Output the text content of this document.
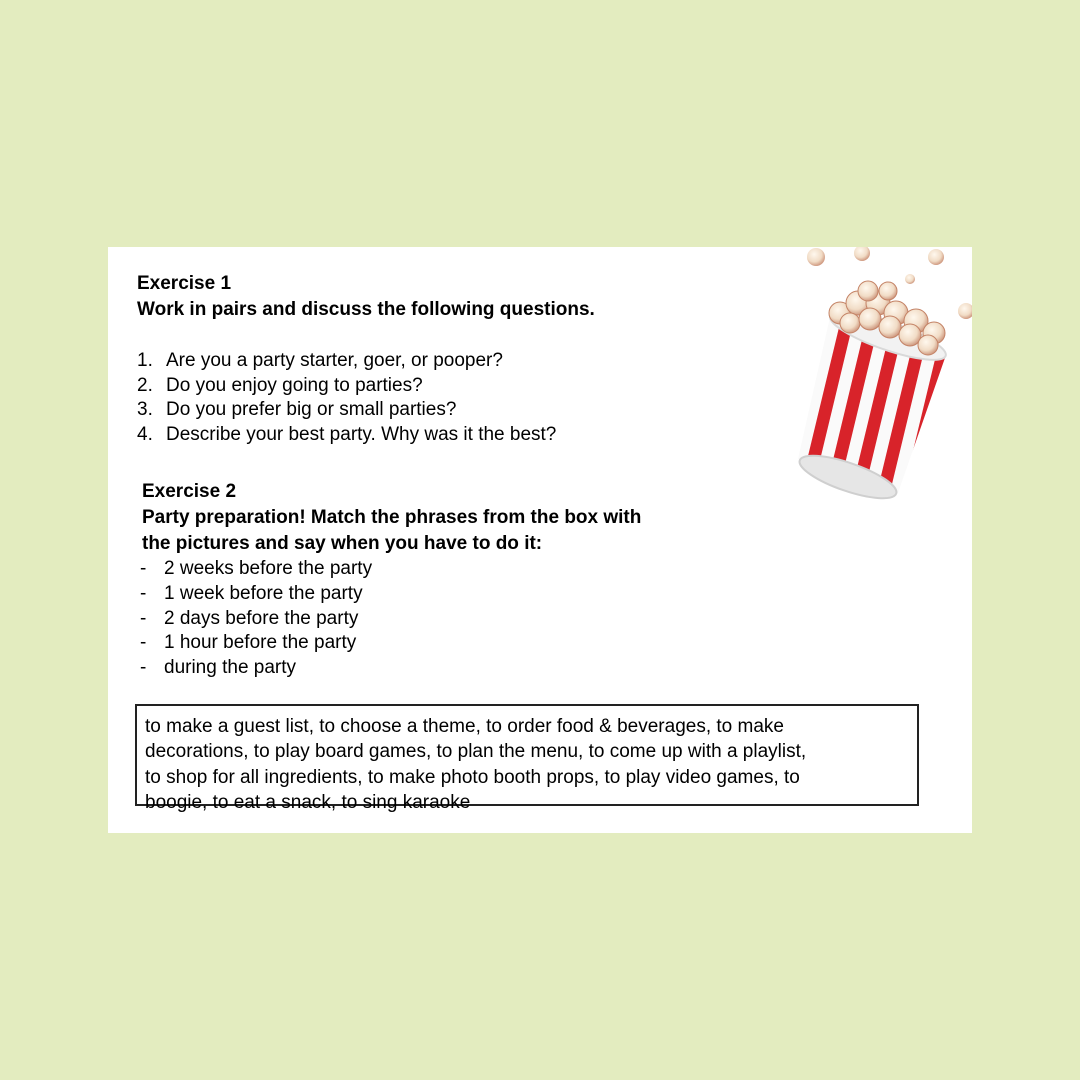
Exercise 1
Work in pairs and discuss the following questions.
1. Are you a party starter, goer, or pooper?
2. Do you enjoy going to parties?
3. Do you prefer big or small parties?
4. Describe your best party. Why was it the best?
Exercise 2
Party preparation! Match the phrases from the box with
the pictures and say when you have to do it:
- 2 weeks before the party
- 1 week before the party
- 2 days before the party
- 1 hour before the party
- during the party
to make a guest list, to choose a theme, to order food & beverages, to make
decorations, to play board games, to plan the menu, to come up with a playlist,
to shop for all ingredients, to make photo booth props, to play video games, to
boogie, to eat a snack, to sing karaoke
